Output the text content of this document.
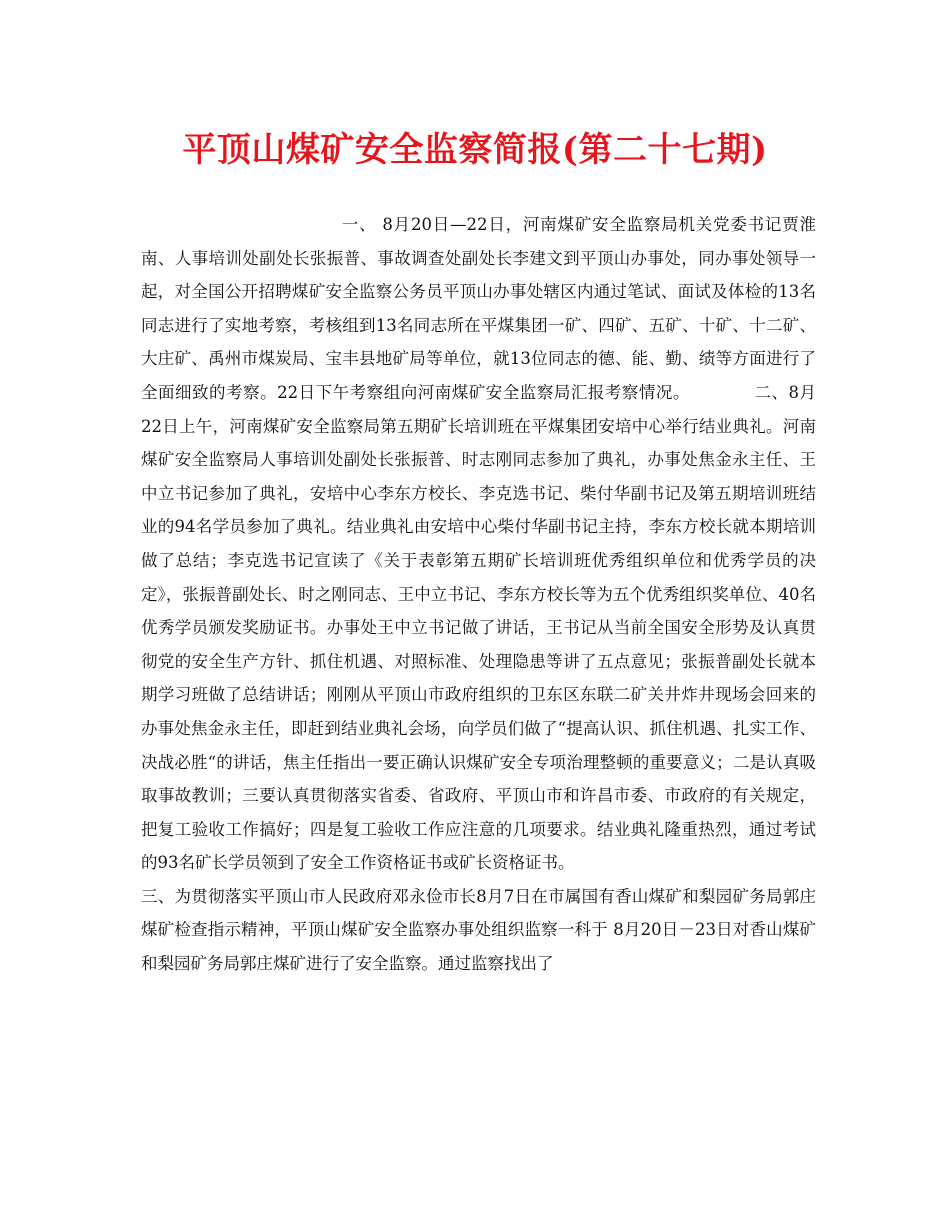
平顶山煤矿安全监察简报(第二十七期)
一、 8月20日—22日，河南煤矿安全监察局机关党委书记贾淮南、人事培训处副处长张振普、事故调查处副处长李建文到平顶山办事处，同办事处领导一起，对全国公开招聘煤矿安全监察公务员平顶山办事处辖区内通过笔试、面试及体检的13名同志进行了实地考察，考核组到13名同志所在平煤集团一矿、四矿、五矿、十矿、十二矿、大庄矿、禹州市煤炭局、宝丰县地矿局等单位，就13位同志的德、能、勤、绩等方面进行了全面细致的考察。22日下午考察组向河南煤矿安全监察局汇报考察情况。	二、8月22日上午，河南煤矿安全监察局第五期矿长培训班在平煤集团安培中心举行结业典礼。河南煤矿安全监察局人事培训处副处长张振普、时志刚同志参加了典礼，办事处焦金永主任、王中立书记参加了典礼，安培中心李东方校长、李克选书记、柴付华副书记及第五期培训班结业的94名学员参加了典礼。结业典礼由安培中心柴付华副书记主持，李东方校长就本期培训做了总结；李克选书记宣读了《关于表彰第五期矿长培训班优秀组织单位和优秀学员的决定》，张振普副处长、时之刚同志、王中立书记、李东方校长等为五个优秀组织奖单位、40名优秀学员颁发奖励证书。办事处王中立书记做了讲话，王书记从当前全国安全形势及认真贯彻党的安全生产方针、抓住机遇、对照标准、处理隐患等讲了五点意见；张振普副处长就本期学习班做了总结讲话；刚刚从平顶山市政府组织的卫东区东联二矿关井炸井现场会回来的办事处焦金永主任，即赶到结业典礼会场，向学员们做了“提高认识、抓住机遇、扎实工作、决战必胜“的讲话，焦主任指出一要正确认识煤矿安全专项治理整顿的重要意义；二是认真吸取事故教训；三要认真贯彻落实省委、省政府、平顶山市和许昌市委、市政府的有关规定，把复工验收工作搞好；四是复工验收工作应注意的几项要求。结业典礼隆重热烈，通过考试的93名矿长学员领到了安全工作资格证书或矿长资格证书。
三、为贯彻落实平顶山市人民政府邓永俭市长8月7日在市属国有香山煤矿和梨园矿务局郭庄煤矿检查指示精神，平顶山煤矿安全监察办事处组织监察一科于 8月20日－23日对香山煤矿和梨园矿务局郭庄煤矿进行了安全监察。通过监察找出了
